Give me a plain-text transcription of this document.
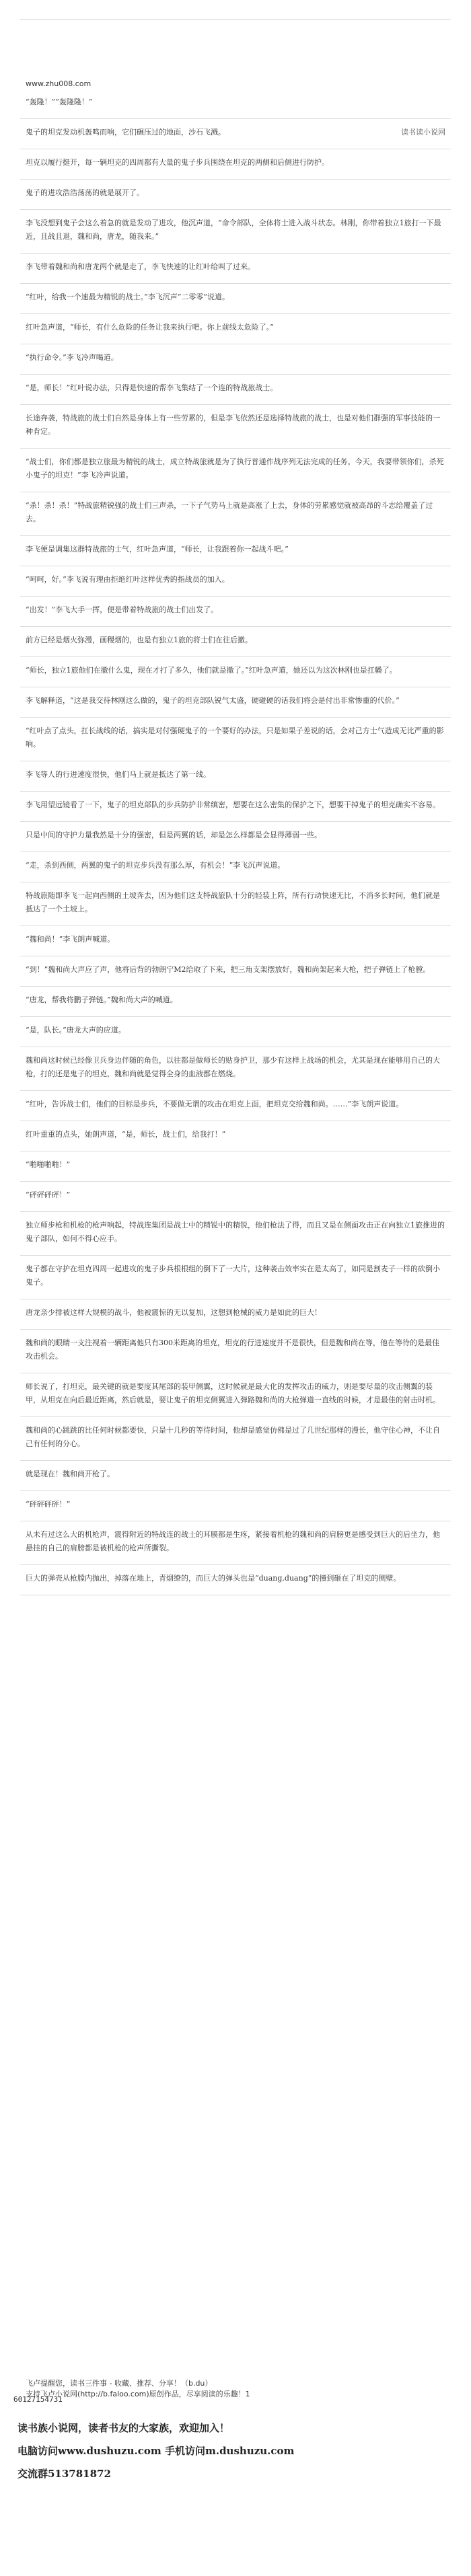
www.zhu008.com
“轰隆！”“轰隆隆！”
读书读小说网
鬼子的坦克发动机轰鸣而响，它们碾压过的地面，沙石飞溅。
坦克以履行挺开，每一辆坦克的四周都有大量的鬼子步兵围绕在坦克的两侧和后侧进行防护。
鬼子的进攻浩浩荡荡的就是展开了。
李飞没想到鬼子会这么着急的就是发动了进攻，他沉声道，“命令部队，全体将士进入战斗状态。林刚，你带着独立1旅打一下最近，且战且退，魏和尚，唐龙，随我来。”
李飞带着魏和尚和唐龙两个就是走了，李飞快速的让红叶给叫了过来。
“红叶，给我一个速最为精锐的战士。”李飞沉声“二零零”说道。
红叶急声道，“师长，有什么危险的任务让我来执行吧。你上前线太危险了。”
“执行命令。”李飞冷声喝道。
“是，师长！”红叶说办法，只得是快速的帮李飞集结了一个连的特战旅战士。
长途奔袭，特战旅的战士们自然是身体上有一些劳累的，但是李飞依然还是选择特战旅的战士，也是对他们群强的军事技能的一种肯定。
“战士们，你们都是独立旅最为精锐的战士，成立特战旅就是为了执行普通作战序列无法完成的任务。今天，我要带领你们，杀死小鬼子的坦克！”李飞冷声说道。
“杀！杀！杀！”特战旅精锐强的战士们三声杀，一下子气势马上就是高涨了上去，身体的劳累感觉就被高昂的斗志给覆盖了过去。
李飞便是调集这群特战旅的士气，红叶急声道，“师长，让我跟着你一起战斗吧。”
“呵呵，好。”李飞说有理由拒绝红叶这样优秀的指战员的加入。
“出发！”李飞大手一挥，便是带着特战旅的战士们出发了。
前方已经是烟火弥漫，画稷烟的，也是有独立1旅的将士们在往后撤。
“师长，独立1旅他们在撤什么鬼，现在才打了多久，他们就是撤了。”红叶急声道，她还以为这次林刚也是扛幡了。
李飞解释道，“这是我交待林刚这么做的，鬼子的坦克部队锐气太盛，硬碰硬的话我们将会是付出非常惨重的代价。”
“红叶点了点头，扛长战线的话，搞实是对付强硬鬼子的一个要好的办法，只是如果子差说的话，会对己方士气造成无比严重的影响。
李飞等人的行进速度很快，他们马上就是抵达了第一线。
李飞用望远镜看了一下，鬼子的坦克部队的步兵防护非常缜密，想要在这么密集的保护之下，想要干掉鬼子的坦克确实不容易。
只是中间的守护力量我然是十分的强密，但是两翼的话，却是怎么样都是会显得薄弱一些。
“走，杀到西侧，两翼的鬼子的坦克步兵没有那么厚，有机会！”李飞沉声说道。
特战旅随即李飞一起向西侧的土坡奔去，因为他们这支特战旅队十分的轻装上阵，所有行动快速无比，不消多长时间，他们就是抵达了一个土坡上。
“魏和尚！”李飞朗声喊道。
“到！”魏和尚大声应了声，他将后背的勃朗宁M2给取了下来，把三角支架摆放好，魏和尚架起来大枪，把子弹链上了枪膛。
“唐龙，帮我将鹏子弹链。”魏和尚大声的喊道。
“是，队长。”唐龙大声的应道。
魏和尚这时候已经像卫兵身边伴随的角色，以往都是做师长的贴身护卫，那少有这样上战场的机会，尤其是现在能够用自己的大枪，打的还是鬼子的坦克，魏和尚就是觉得全身的血液都在燃烧。
“红叶，告诉战士们，他们的目标是步兵，不要做无谓的攻击在坦克上面，把坦克交给魏和尚。……”李飞朗声说道。
红叶重重的点头，她朗声道，“是，师长，战士们，给我打！”
“啪啪啪啪！”
“砰砰砰砰！”
独立师步枪和机枪的枪声响起，特战连集团是战士中的精锐中的精锐，他们枪法了得，而且又是在侧面攻击正在向独立1旅推进的鬼子部队，如何不得心应手。
鬼子都在守护在坦克四周一起进攻的鬼子步兵根根组的倒下了一大片，这种袭击效率实在是太高了，如同是割麦子一样的砍倒小鬼子。
唐龙亲少排被这样大规模的战斗，他被震惊的无以复加，这想到枪械的威力是如此的巨大！
魏和尚的眼睛一支注视着一辆距离他只有300米距离的坦克，坦克的行进速度并不是很快，但是魏和尚在等，他在等待的是最佳攻击机会。
师长说了，打坦克，最关键的就是要度其尾部的装甲侧翼，这时候就是最大化的发挥攻击的威力，则是要尽量的攻击侧翼的装甲，从坦克在向后最近距离，然后就是，要让鬼子的坦克侧翼进入弹路魏和尚的大枪弹道一直线的时候，才是最佳的射击时机。
魏和尚的心跳跳的比任何时候都要快，只是十几秒的等待时间，他却是感觉仿佛是过了几世纪那样的漫长，他守住心神，不让自己有任何的分心。
就是现在！魏和尚开枪了。
“砰砰砰砰！”
从未有过这么大的机枪声，震得附近的特战连的战士的耳膜都是生疼，紧接着机枪的魏和尚的肩膀更是感受到巨大的后坐力，他悬挂的自己的肩膀都是被机枪的枪声所撕裂。
巨大的弹壳从枪膛内抛出，掉落在地上，青烟缭的，而巨大的弹头也是“duang,duang”的撞到砸在了坦克的侧壁。
飞卢提醒您，读书三件事 - 收藏、推荐、分享！（b.du）
支持飞卢小说网(http://b.faloo.com)原创作品，尽享阅读的乐趣！1
60127154731

读书族小说网，读者书友的大家族，欢迎加入！

电脑访问www.dushuzu.com 手机访问m.dushuzu.com

交流群513781872
